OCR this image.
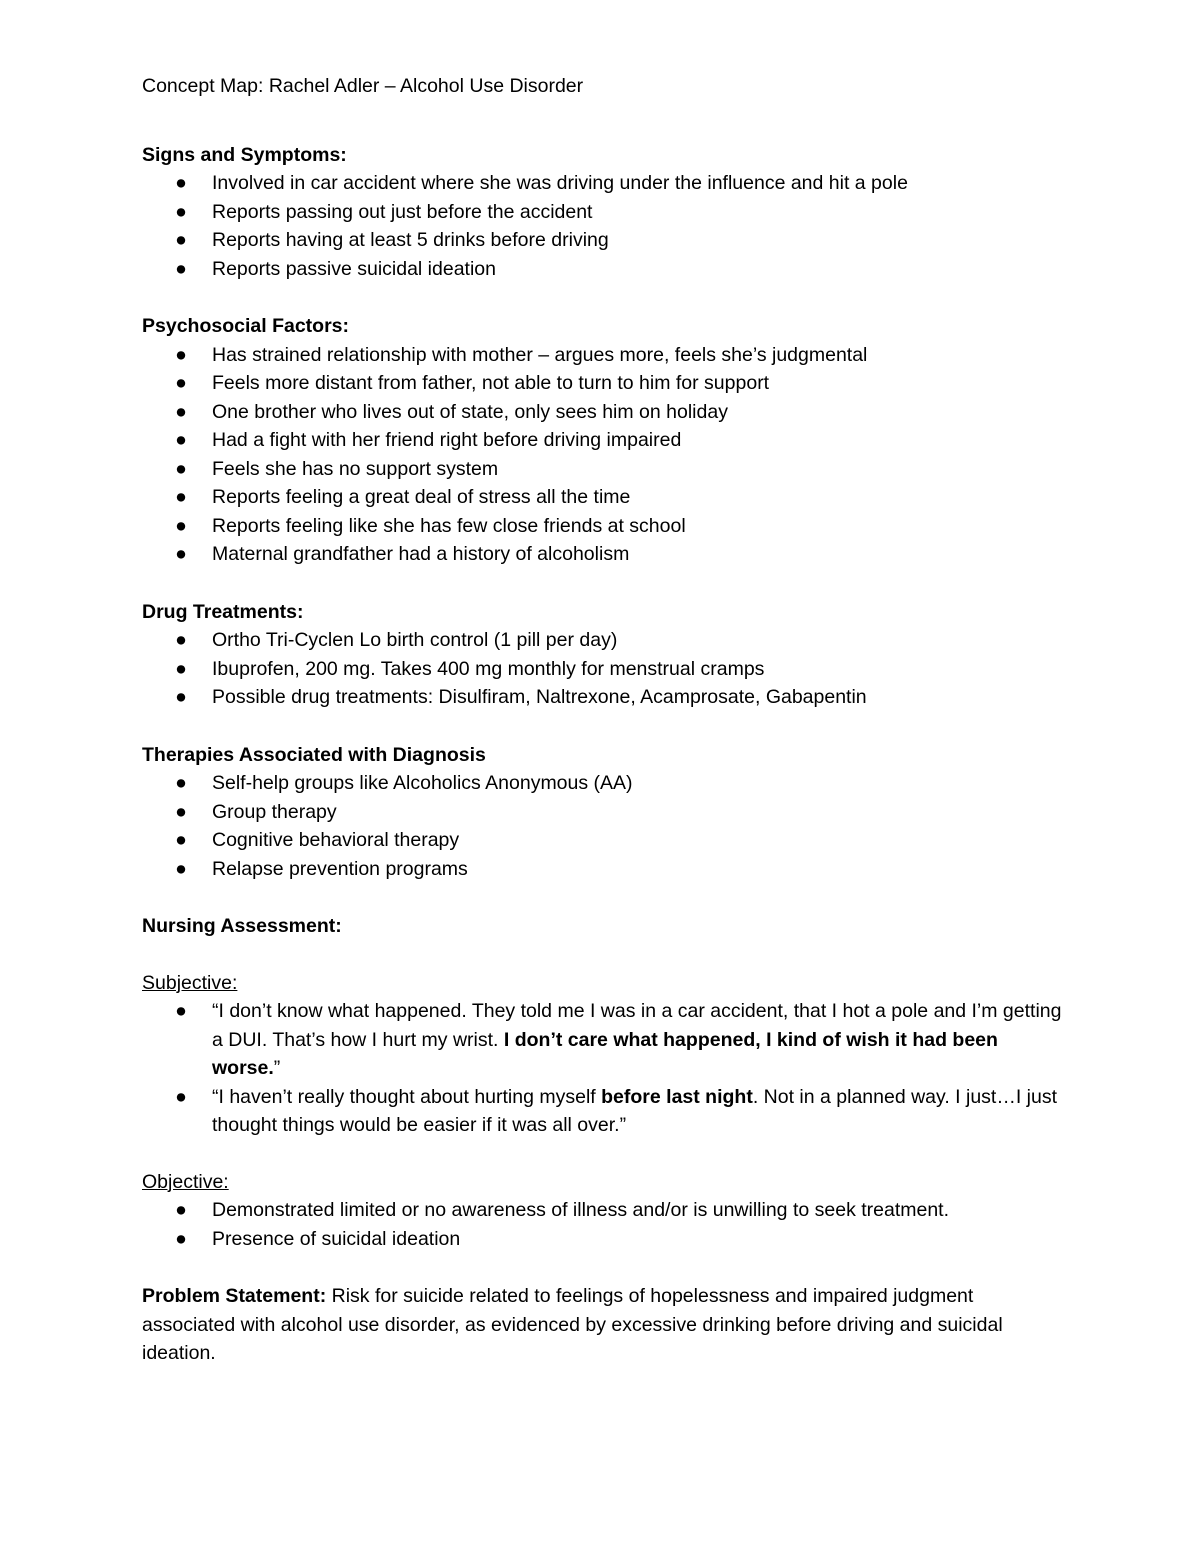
Concept Map: Rachel Adler – Alcohol Use Disorder

Signs and Symptoms:

● Involved in car accident where she was driving under the influence and hit a pole
● Reports passing out just before the accident
● Reports having at least 5 drinks before driving
● Reports passive suicidal ideation

Psychosocial Factors:

● Has strained relationship with mother – argues more, feels she’s judgmental
● Feels more distant from father, not able to turn to him for support
● One brother who lives out of state, only sees him on holiday
● Had a fight with her friend right before driving impaired
● Feels she has no support system
● Reports feeling a great deal of stress all the time
● Reports feeling like she has few close friends at school
● Maternal grandfather had a history of alcoholism

Drug Treatments:

● Ortho Tri-Cyclen Lo birth control (1 pill per day)
● Ibuprofen, 200 mg. Takes 400 mg monthly for menstrual cramps
● Possible drug treatments: Disulfiram, Naltrexone, Acamprosate, Gabapentin

Therapies Associated with Diagnosis

● Self-help groups like Alcoholics Anonymous (AA)
● Group therapy
● Cognitive behavioral therapy
● Relapse prevention programs

Nursing Assessment:

Subjective:

● “I don’t know what happened. They told me I was in a car accident, that I hot a pole and I’m getting a DUI. That’s how I hurt my wrist. I don’t care what happened, I kind of wish it had been worse.”
● “I haven’t really thought about hurting myself before last night. Not in a planned way. I just…I just thought things would be easier if it was all over.”

Objective:

● Demonstrated limited or no awareness of illness and/or is unwilling to seek treatment.
● Presence of suicidal ideation

Problem Statement: Risk for suicide related to feelings of hopelessness and impaired judgment associated with alcohol use disorder, as evidenced by excessive drinking before driving and suicidal ideation.
